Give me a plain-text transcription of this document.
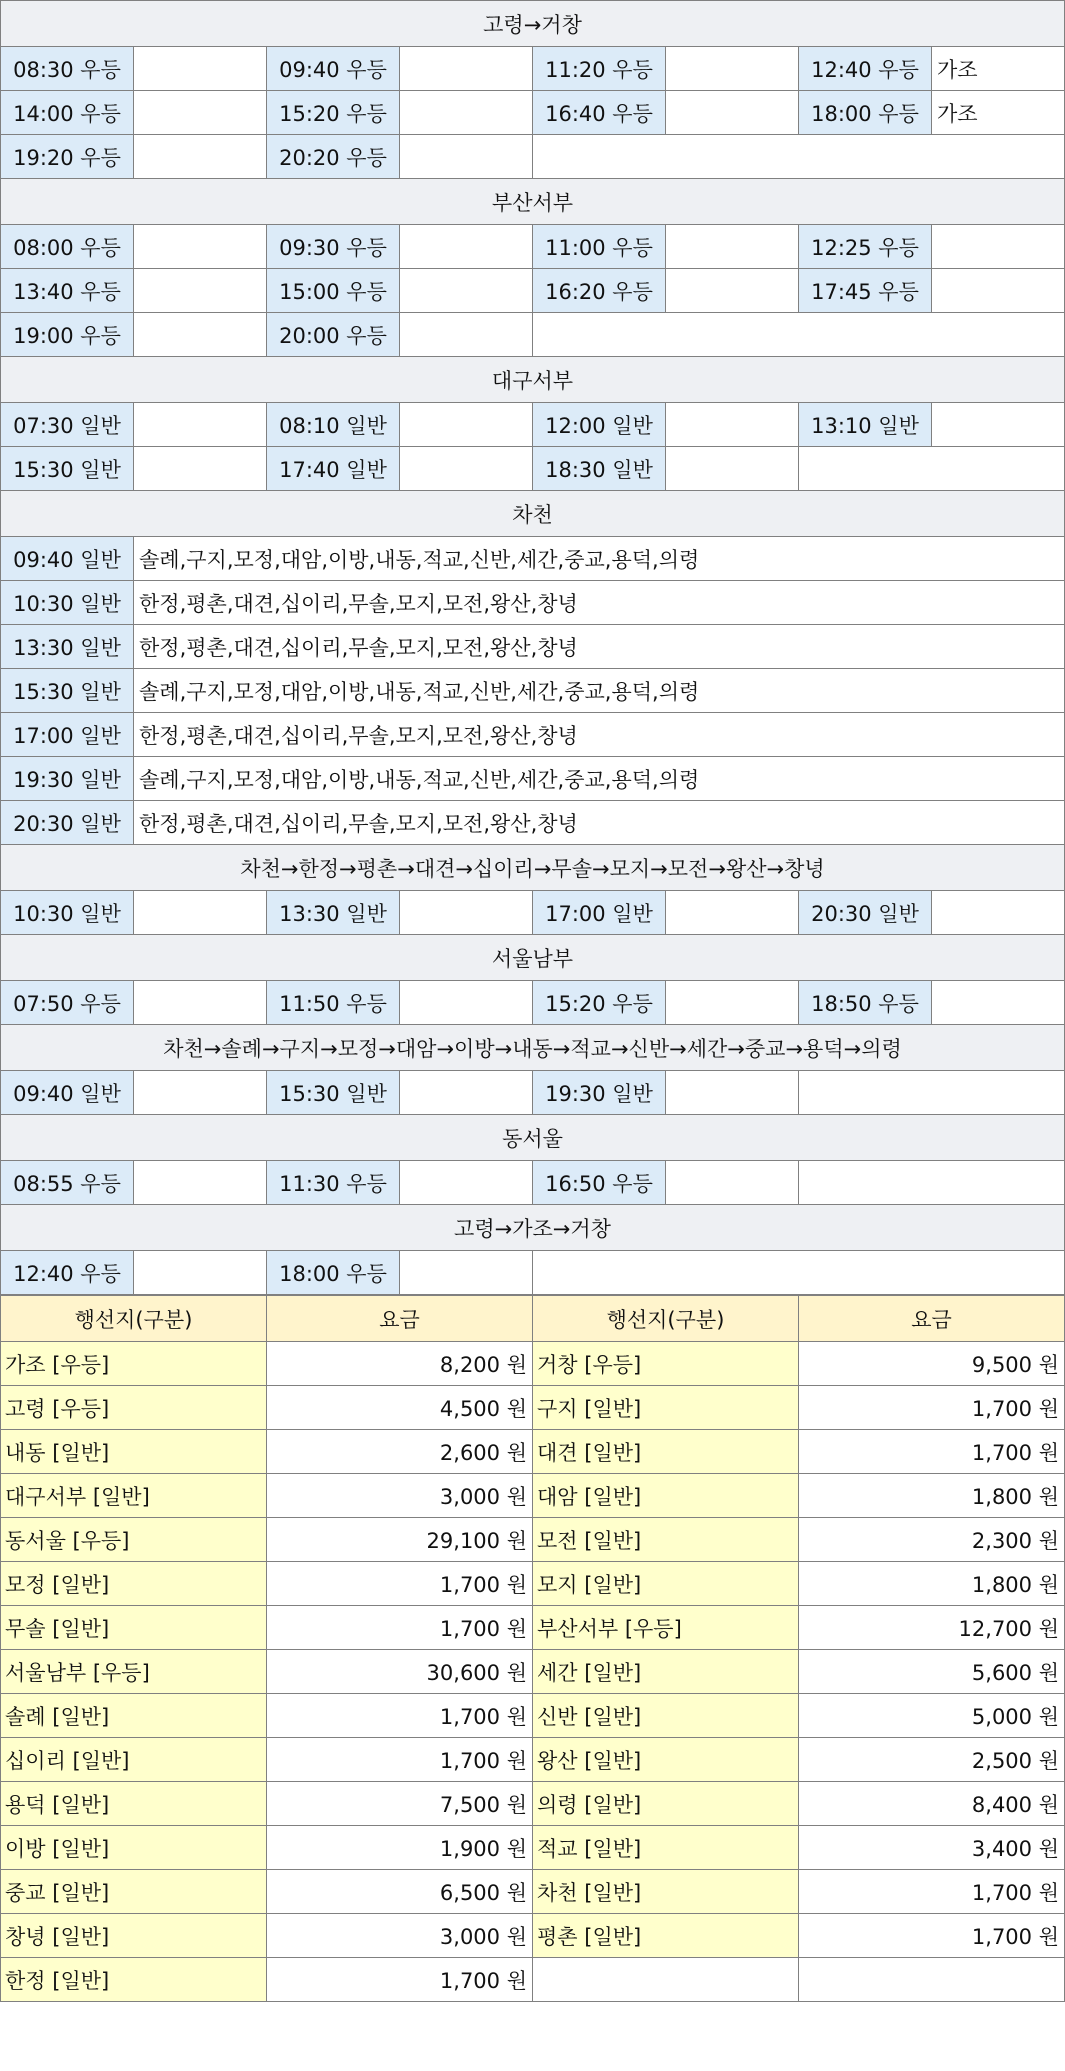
고령→거창							
08:30 우등		09:40 우등		11:20 우등		12:40 우등	가조
14:00 우등		15:20 우등		16:40 우등		18:00 우등	가조
19:20 우등		20:20 우등					
부산서부							
08:00 우등		09:30 우등		11:00 우등		12:25 우등	
13:40 우등		15:00 우등		16:20 우등		17:45 우등	
19:00 우등		20:00 우등					
대구서부							
07:30 일반		08:10 일반		12:00 일반		13:10 일반	
15:30 일반		17:40 일반		18:30 일반			
차천							
09:40 일반	솔례,구지,모정,대암,이방,내동,적교,신반,세간,중교,용덕,의령						
10:30 일반	한정,평촌,대견,십이리,무솔,모지,모전,왕산,창녕						
13:30 일반	한정,평촌,대견,십이리,무솔,모지,모전,왕산,창녕						
15:30 일반	솔례,구지,모정,대암,이방,내동,적교,신반,세간,중교,용덕,의령						
17:00 일반	한정,평촌,대견,십이리,무솔,모지,모전,왕산,창녕						
19:30 일반	솔례,구지,모정,대암,이방,내동,적교,신반,세간,중교,용덕,의령						
20:30 일반	한정,평촌,대견,십이리,무솔,모지,모전,왕산,창녕						
차천→한정→평촌→대견→십이리→무솔→모지→모전→왕산→창녕							
10:30 일반		13:30 일반		17:00 일반		20:30 일반	
서울남부							
07:50 우등		11:50 우등		15:20 우등		18:50 우등	
차천→솔례→구지→모정→대암→이방→내동→적교→신반→세간→중교→용덕→의령							
09:40 일반		15:30 일반		19:30 일반			
동서울							
08:55 우등		11:30 우등		16:50 우등			
고령→가조→거창							
12:40 우등		18:00 우등					
행선지(구분)	요금	행선지(구분)	요금
가조 [우등]	8,200 원	거창 [우등]	9,500 원
고령 [우등]	4,500 원	구지 [일반]	1,700 원
내동 [일반]	2,600 원	대견 [일반]	1,700 원
대구서부 [일반]	3,000 원	대암 [일반]	1,800 원
동서울 [우등]	29,100 원	모전 [일반]	2,300 원
모정 [일반]	1,700 원	모지 [일반]	1,800 원
무솔 [일반]	1,700 원	부산서부 [우등]	12,700 원
서울남부 [우등]	30,600 원	세간 [일반]	5,600 원
솔례 [일반]	1,700 원	신반 [일반]	5,000 원
십이리 [일반]	1,700 원	왕산 [일반]	2,500 원
용덕 [일반]	7,500 원	의령 [일반]	8,400 원
이방 [일반]	1,900 원	적교 [일반]	3,400 원
중교 [일반]	6,500 원	차천 [일반]	1,700 원
창녕 [일반]	3,000 원	평촌 [일반]	1,700 원
한정 [일반]	1,700 원		
